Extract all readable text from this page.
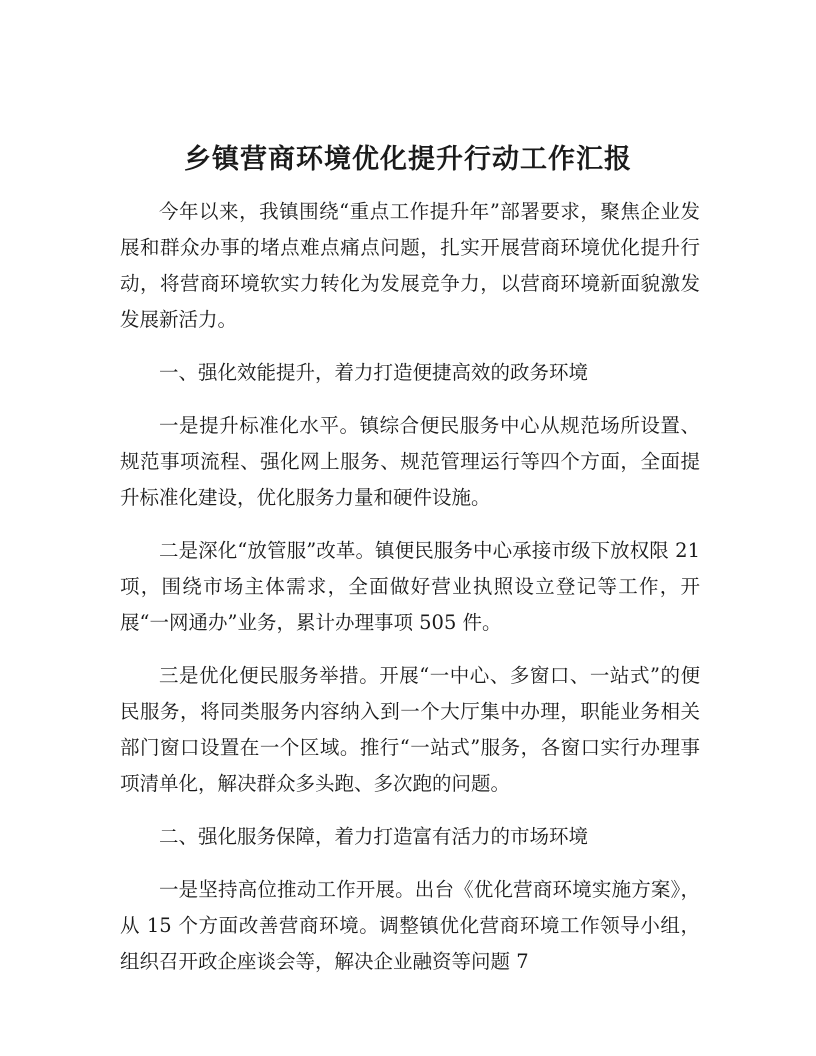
乡镇营商环境优化提升行动工作汇报

今年以来，我镇围绕“重点工作提升年”部署要求，聚焦企业发展和群众办事的堵点难点痛点问题，扎实开展营商环境优化提升行动，将营商环境软实力转化为发展竞争力，以营商环境新面貌激发发展新活力。

一、强化效能提升，着力打造便捷高效的政务环境

一是提升标准化水平。镇综合便民服务中心从规范场所设置、规范事项流程、强化网上服务、规范管理运行等四个方面，全面提升标准化建设，优化服务力量和硬件设施。

二是深化“放管服”改革。镇便民服务中心承接市级下放权限 21 项，围绕市场主体需求，全面做好营业执照设立登记等工作，开展“一网通办”业务，累计办理事项 505 件。

三是优化便民服务举措。开展“一中心、多窗口、一站式”的便民服务，将同类服务内容纳入到一个大厅集中办理，职能业务相关部门窗口设置在一个区域。推行“一站式”服务，各窗口实行办理事项清单化，解决群众多头跑、多次跑的问题。

二、强化服务保障，着力打造富有活力的市场环境

一是坚持高位推动工作开展。出台《优化营商环境实施方案》，从 15 个方面改善营商环境。调整镇优化营商环境工作领导小组，组织召开政企座谈会等，解决企业融资等问题 7
